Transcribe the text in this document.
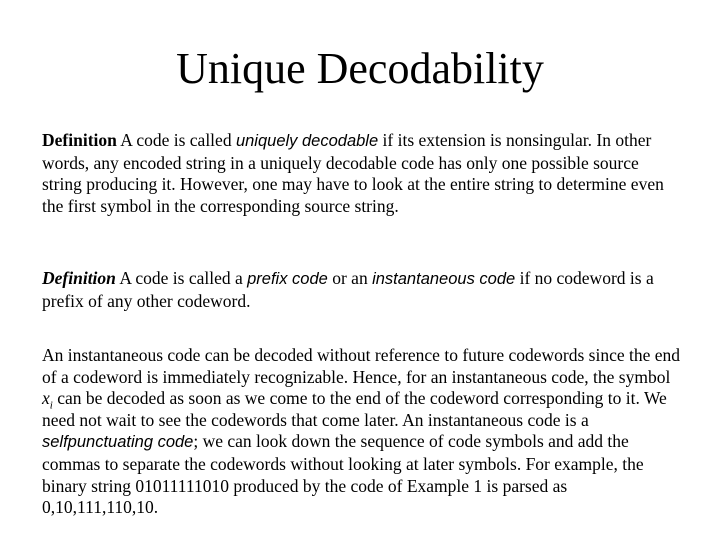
Unique Decodability

Definition A code is called uniquely decodable if its extension is nonsingular. In other words, any encoded string in a uniquely decodable code has only one possible source string producing it. However, one may have to look at the entire string to determine even the first symbol in the corresponding source string.

Definition A code is called a prefix code or an instantaneous code if no codeword is a prefix of any other codeword.

An instantaneous code can be decoded without reference to future codewords since the end of a codeword is immediately recognizable. Hence, for an instantaneous code, the symbol $x_i$ can be decoded as soon as we come to the end of the codeword corresponding to it. We need not wait to see the codewords that come later. An instantaneous code is a selfpunctuating code; we can look down the sequence of code symbols and add the commas to separate the codewords without looking at later symbols. For example, the binary string 01011111010 produced by the code of Example 1 is parsed as 0,10,111,110,10.
